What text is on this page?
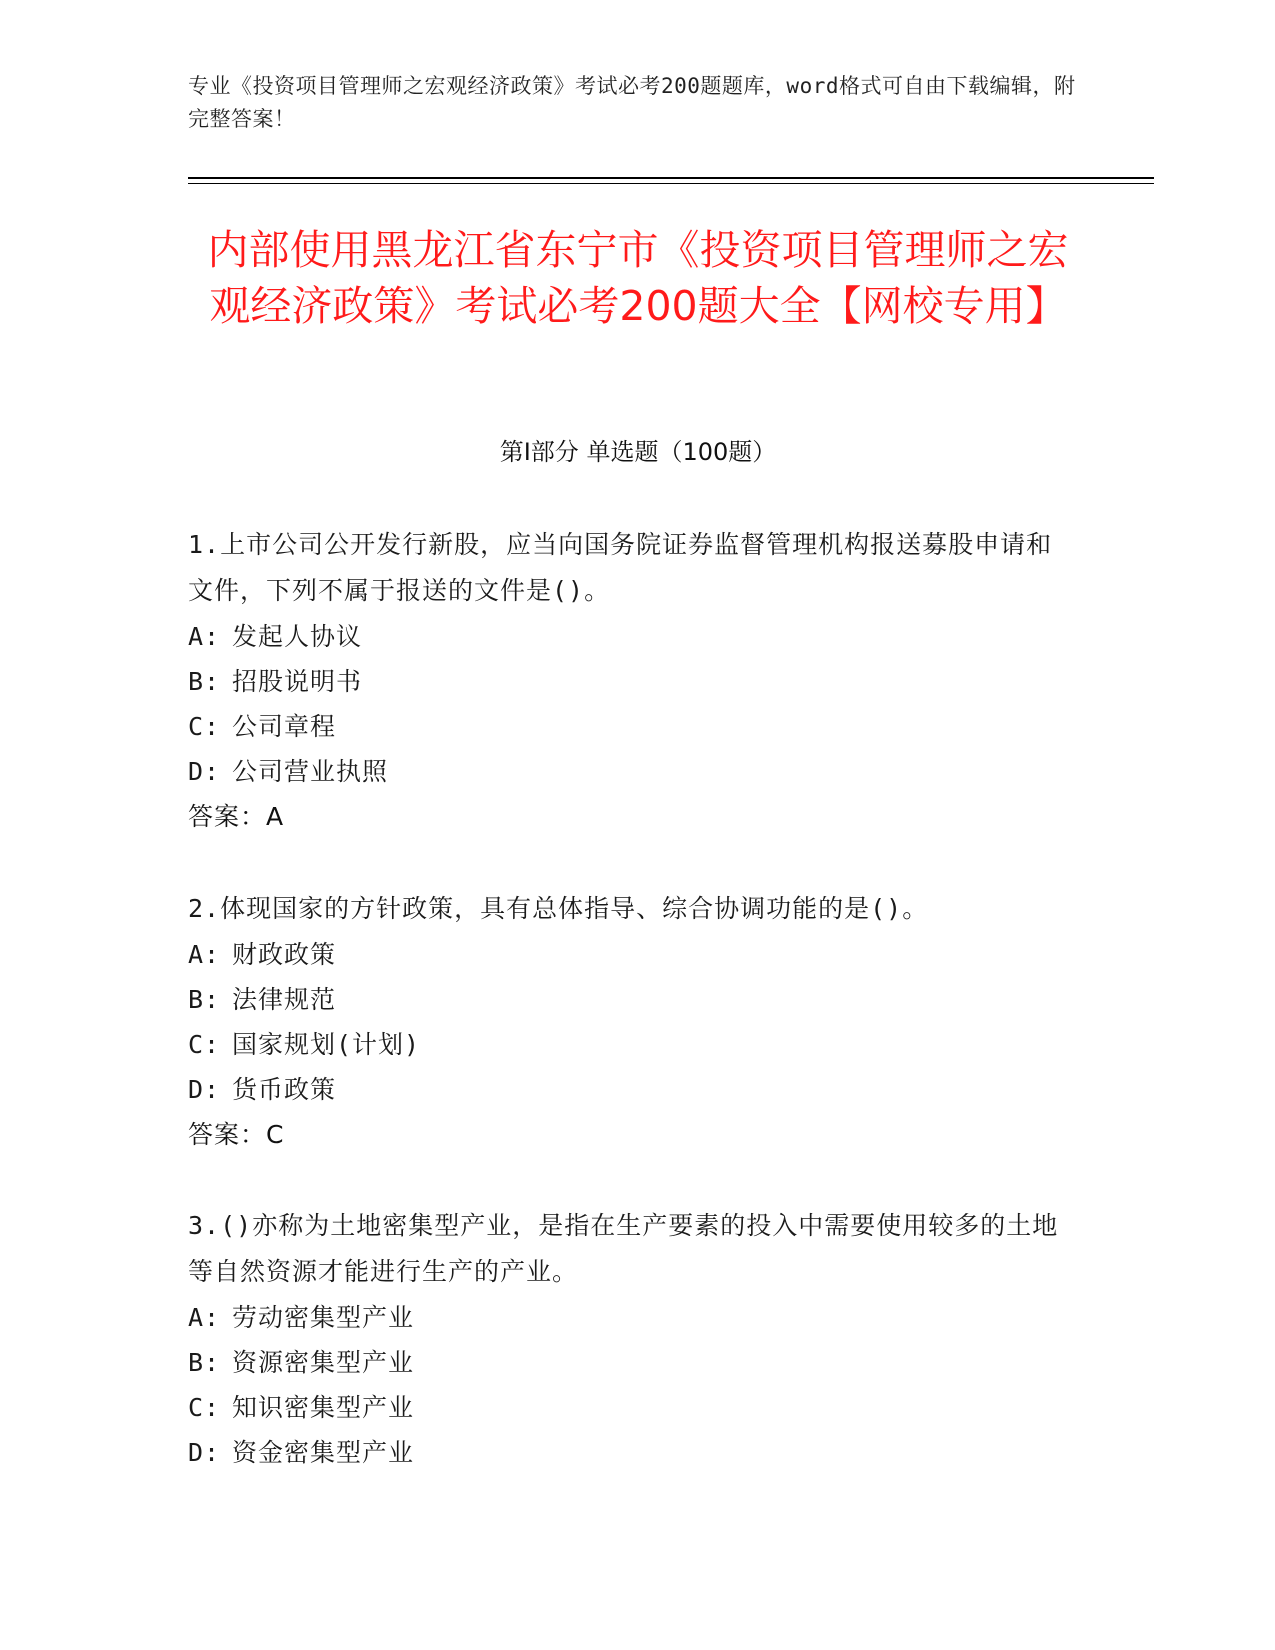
专业《投资项目管理师之宏观经济政策》考试必考200题题库，word格式可自由下载编辑，附完整答案！
内部使用黑龙江省东宁市《投资项目管理师之宏观经济政策》考试必考200题大全【网校专用】
第Ⅰ部分 单选题（100题）
1.上市公司公开发行新股，应当向国务院证券监督管理机构报送募股申请和文件，下列不属于报送的文件是()。
A: 发起人协议
B: 招股说明书
C: 公司章程
D: 公司营业执照
答案：A
2.体现国家的方针政策，具有总体指导、综合协调功能的是()。
A: 财政政策
B: 法律规范
C: 国家规划(计划)
D: 货币政策
答案：C
3.()亦称为土地密集型产业，是指在生产要素的投入中需要使用较多的土地等自然资源才能进行生产的产业。
A: 劳动密集型产业
B: 资源密集型产业
C: 知识密集型产业
D: 资金密集型产业
